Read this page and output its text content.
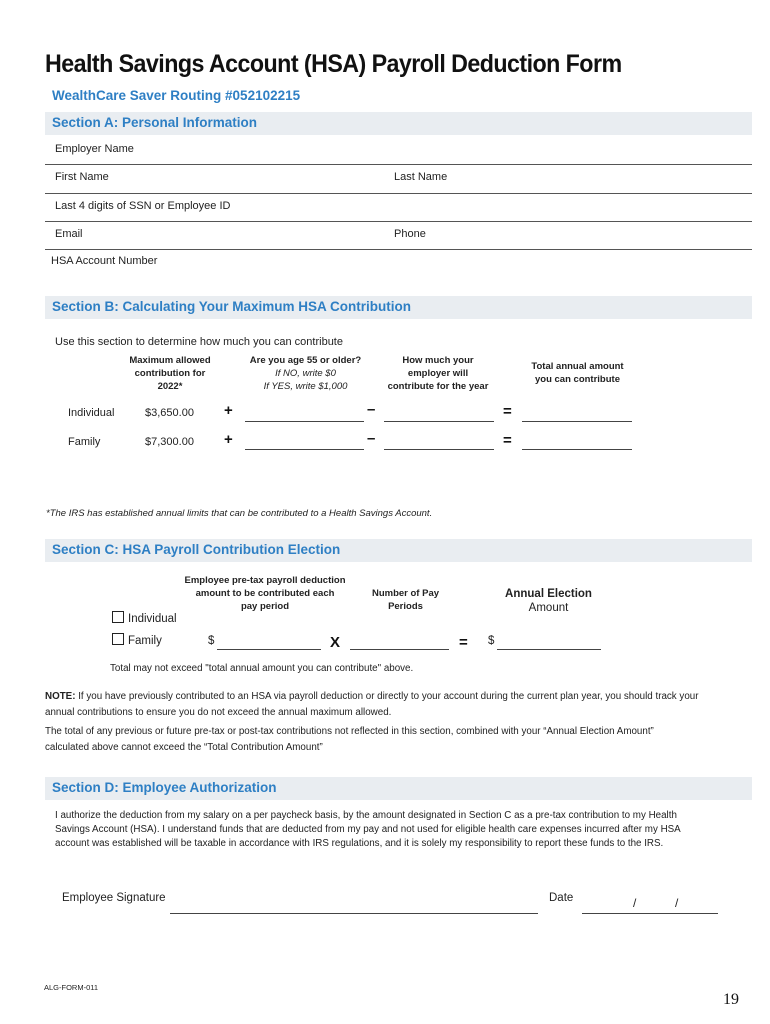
Health Savings Account (HSA) Payroll Deduction Form
WealthCare Saver Routing #052102215
Section A: Personal Information
Employer Name
First Name	Last Name
Last 4 digits of SSN or Employee ID
Email	Phone
HSA Account Number
Section B: Calculating Your Maximum HSA Contribution
Use this section to determine how much you can contribute
Maximum allowed
contribution for
2022*
Are you age 55 or older?
If NO, write $0
If YES, write $1,000
How much your
employer will
contribute for the year
Total annual amount
you can contribute
Individual	$3,650.00 +	–	=
Family	$7,300.00 +	–	=
*The IRS has established annual limits that can be contributed to a Health Savings Account.
Section C: HSA Payroll Contribution Election
Employee pre-tax payroll deduction
amount to be contributed each
pay period
Number of Pay
Periods
Annual Election
Amount
Individual
Family	$	X	= $
Total may not exceed "total annual amount you can contribute" above.
NOTE: If you have previously contributed to an HSA via payroll deduction or directly to your account during the current plan year, you should track your
annual contributions to ensure you do not exceed the annual maximum allowed.
The total of any previous or future pre-tax or post-tax contributions not reflected in this section, combined with your “Annual Election Amount”
calculated above cannot exceed the “Total Contribution Amount”
Section D: Employee Authorization
I authorize the deduction from my salary on a per paycheck basis, by the amount designated in Section C as a pre-tax contribution to my Health
Savings Account (HSA). I understand funds that are deducted from my pay and not used for eligible health care expenses incurred after my HSA
account was established will be taxable in accordance with IRS regulations, and it is solely my responsibility to report these funds to the IRS.
Employee Signature	Date	/	/
ALG-FORM-011
19
